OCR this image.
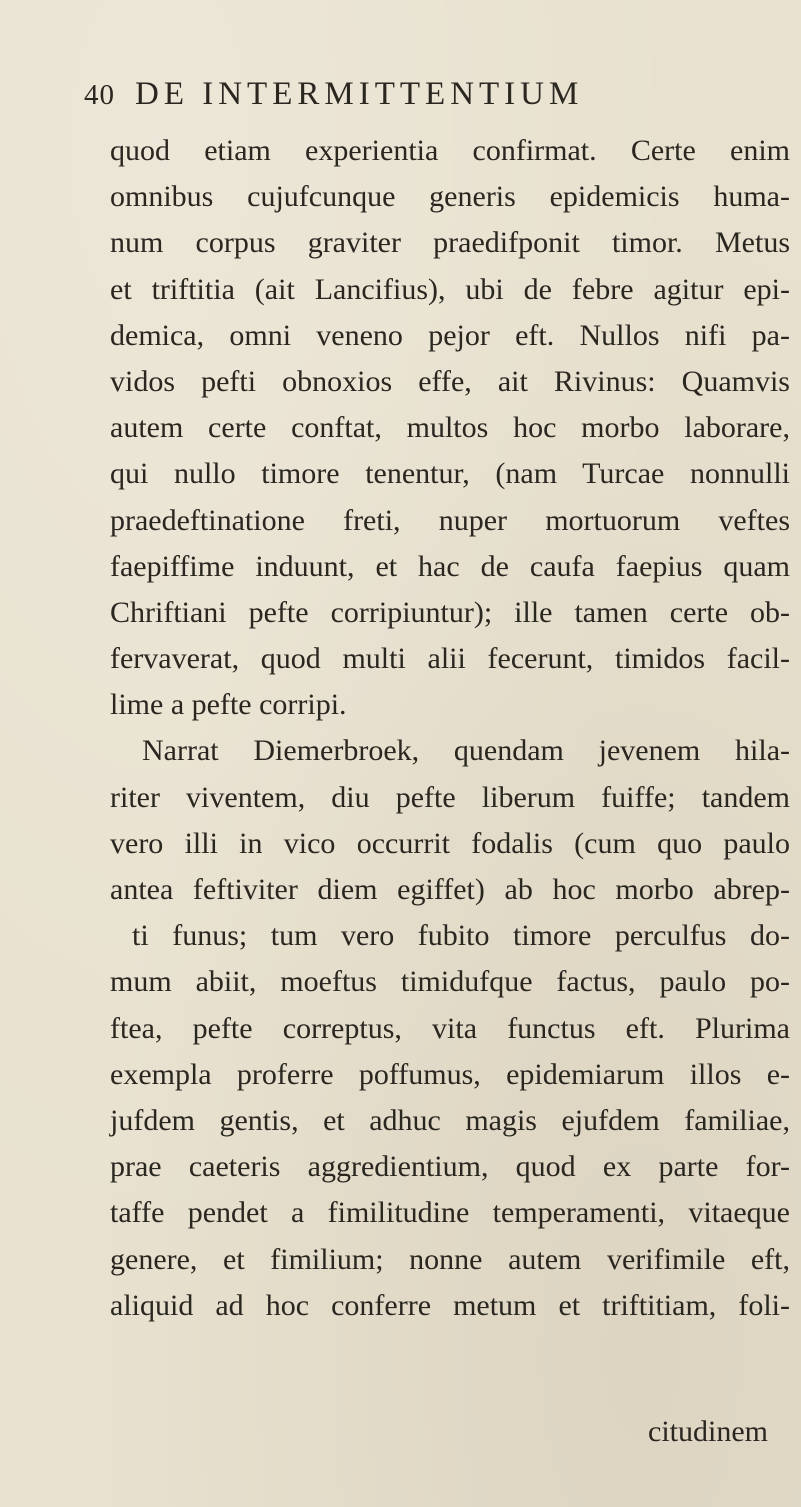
40 DE INTERMITTENTIUM
quod etiam experientia confirmat. Certe enim
omnibus cujufcunque generis epidemicis huma-
num corpus graviter praedifponit timor. Metus
et triftitia (ait Lancifius), ubi de febre agitur epi-
demica, omni veneno pejor eft. Nullos nifi pa-
vidos pefti obnoxios effe, ait Rivinus: Quamvis
autem certe conftat, multos hoc morbo laborare,
qui nullo timore tenentur, (nam Turcae nonnulli
praedeftinatione freti, nuper mortuorum veftes
faepiffime induunt, et hac de caufa faepius quam
Chriftiani pefte corripiuntur); ille tamen certe ob-
fervaverat, quod multi alii fecerunt, timidos facil-
lime a pefte corripi.
Narrat Diemerbroek, quendam jevenem hila-
riter viventem, diu pefte liberum fuiffe; tandem
vero illi in vico occurrit fodalis (cum quo paulo
antea feftiviter diem egiffet) ab hoc morbo abrep-
ti funus; tum vero fubito timore perculfus do-
mum abiit, moeftus timidufque factus, paulo po-
ftea, pefte correptus, vita functus eft. Plurima
exempla proferre poffumus, epidemiarum illos e-
jufdem gentis, et adhuc magis ejufdem familiae,
prae caeteris aggredientium, quod ex parte for-
taffe pendet a fimilitudine temperamenti, vitaeque
genere, et fimilium; nonne autem verifimile eft,
aliquid ad hoc conferre metum et triftitiam, foli-
citudinem
